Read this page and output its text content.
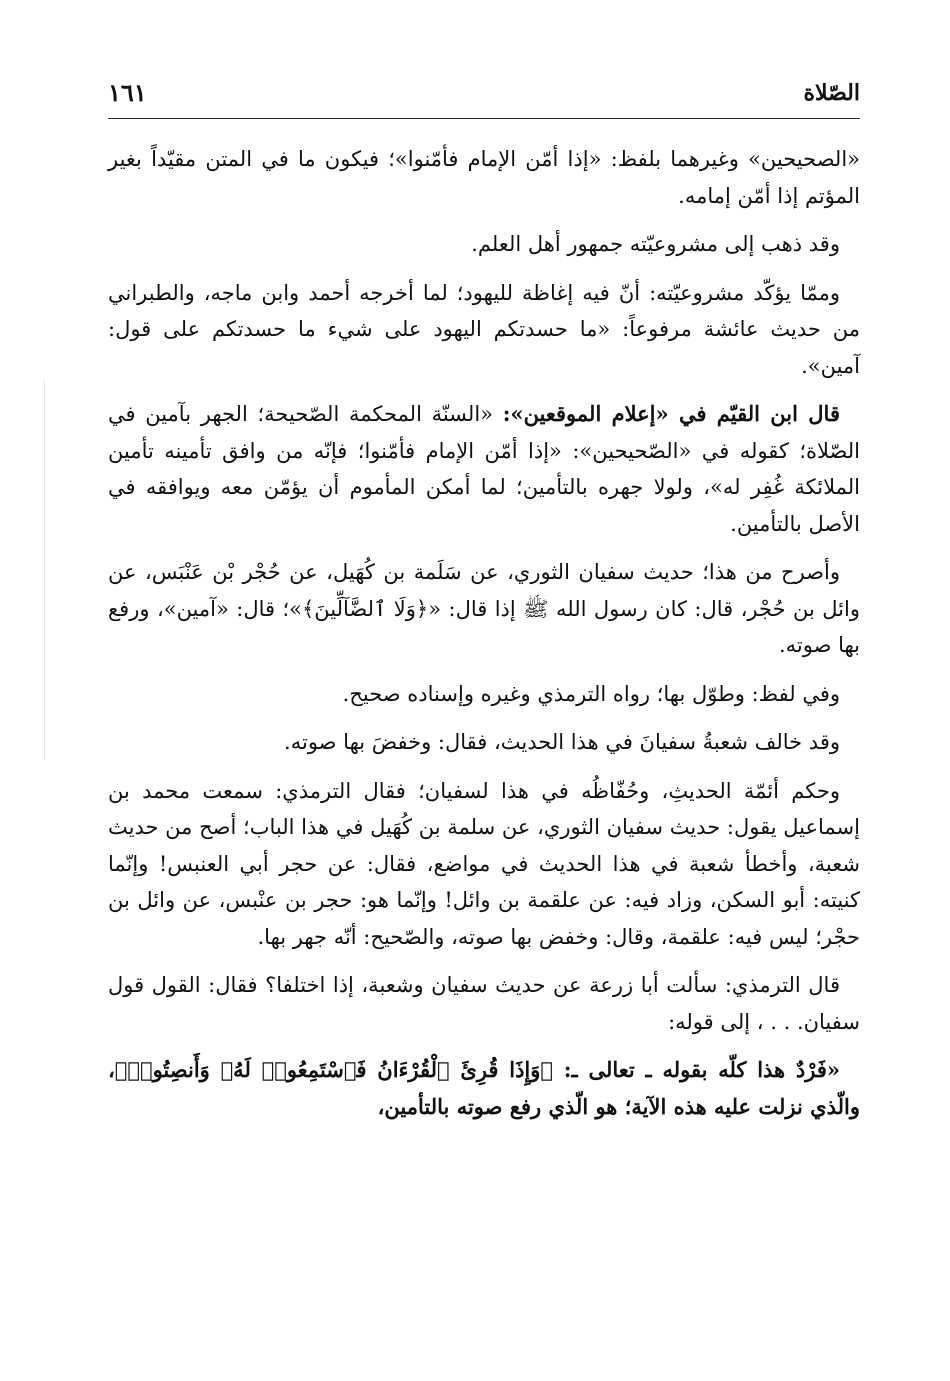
الصّلاة
١٦١

«الصحيحين» وغيرهما بلفظ: «إذا أمّن الإمام فأمّنوا»؛ فيكون ما في المتن مقيّداً بغير المؤتم إذا أمّن إمامه.

وقد ذهب إلى مشروعيّته جمهور أهل العلم.

وممّا يؤكّد مشروعيّته: أنّ فيه إغاظة لليهود؛ لما أخرجه أحمد وابن ماجه، والطبراني من حديث عائشة مرفوعاً: «ما حسدتكم اليهود على شيء ما حسدتكم على قول: آمين».

قال ابن القيّم في «إعلام الموقعين»: «السنّة المحكمة الصّحيحة؛ الجهر بآمين في الصّلاة؛ كقوله في «الصّحيحين»: «إذا أمّن الإمام فأمّنوا؛ فإنّه من وافق تأمينه تأمين الملائكة غُفِر له»، ولولا جهره بالتأمين؛ لما أمكن المأموم أن يؤمّن معه ويوافقه في الأصل بالتأمين.

وأصرح من هذا؛ حديث سفيان الثوري، عن سَلَمة بن كُهَيل، عن حُجْر بْن عَنْبَس، عن وائل بن حُجْر، قال: كان رسول الله ﷺ إذا قال: «﴿وَلَا ٱلضَّآلِّينَ﴾»؛ قال: «آمين»، ورفع بها صوته.

وفي لفظ: وطوّل بها؛ رواه الترمذي وغيره وإسناده صحيح.

وقد خالف شعبةُ سفيانَ في هذا الحديث، فقال: وخفضَ بها صوته.

وحكم أئمّة الحديثِ، وحُفّاظُه في هذا لسفيان؛ فقال الترمذي: سمعت محمد بن إسماعيل يقول: حديث سفيان الثوري، عن سلمة بن كُهَيل في هذا الباب؛ أصح من حديث شعبة، وأخطأ شعبة في هذا الحديث في مواضع، فقال: عن حجر أبي العنبس! وإنّما كنيته: أبو السكن، وزاد فيه: عن علقمة بن وائل! وإنّما هو: حجر بن عنْبس، عن وائل بن حجْر؛ ليس فيه: علقمة، وقال: وخفض بها صوته، والصّحيح: أنّه جهر بها.

قال الترمذي: سألت أبا زرعة عن حديث سفيان وشعبة، إذا اختلفا؟ فقال: القول قول سفيان. . . ، إلى قوله:

«فَرْدٌ هذا كلّه بقوله ـ تعالى ـ: ﴿وَإِذَا قُرِئَ ٱلْقُرْءَانُ فَٱسْتَمِعُوا۟ لَهُۥ وَأَنصِتُوا۟﴾، والّذي نزلت عليه هذه الآية؛ هو الّذي رفع صوته بالتأمين،
